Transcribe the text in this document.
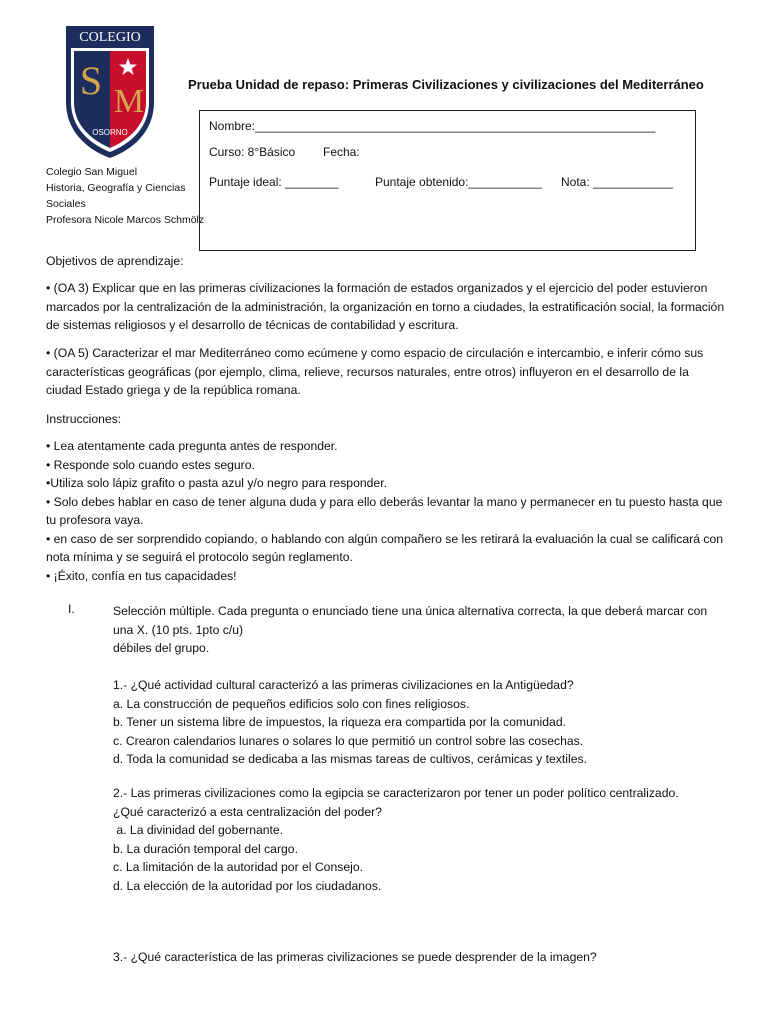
COLEGIO
S M
OSORNO
Colegio San Miguel
Historia, Geografía y Ciencias
Sociales
Profesora Nicole Marcos Schmölz
Prueba Unidad de repaso: Primeras Civilizaciones y civilizaciones del Mediterráneo
Nombre:____________________________________________________________
Curso: 8°Básico Fecha:
Puntaje ideal: ________	Puntaje obtenido:___________ Nota: ____________
Objetivos de aprendizaje:

• (OA 3) Explicar que en las primeras civilizaciones la formación de estados organizados y el ejercicio del poder estuvieron marcados por la centralización de la administración, la organización en torno a ciudades, la estratificación social, la formación de sistemas religiosos y el desarrollo de técnicas de contabilidad y escritura.

• (OA 5) Caracterizar el mar Mediterráneo como ecúmene y como espacio de circulación e intercambio, e inferir cómo sus características geográficas (por ejemplo, clima, relieve, recursos naturales, entre otros) influyeron en el desarrollo de la ciudad Estado griega y de la república romana.

Instrucciones:
• Lea atentamente cada pregunta antes de responder.
• Responde solo cuando estes seguro.
•Utiliza solo lápiz grafito o pasta azul y/o negro para responder.
• Solo debes hablar en caso de tener alguna duda y para ello deberás levantar la mano y permanecer en tu puesto hasta que tu profesora vaya.
• en caso de ser sorprendido copiando, o hablando con algún compañero se les retirará la evaluación la cual se calificará con nota mínima y se seguirá el protocolo según reglamento.
• ¡Éxito, confía en tus capacidades!
I.	Selección múltiple. Cada pregunta o enunciado tiene una única alternativa correcta, la que deberá marcar con una X. (10 pts. 1pto c/u)
débiles del grupo.
1.- ¿Qué actividad cultural caracterizó a las primeras civilizaciones en la Antigüedad?
a. La construcción de pequeños edificios solo con fines religiosos.
b. Tener un sistema libre de impuestos, la riqueza era compartida por la comunidad.
c. Crearon calendarios lunares o solares lo que permitió un control sobre las cosechas.
d. Toda la comunidad se dedicaba a las mismas tareas de cultivos, cerámicas y textiles.
2.- Las primeras civilizaciones como la egipcia se caracterizaron por tener un poder político centralizado.
¿Qué caracterizó a esta centralización del poder?
a. La divinidad del gobernante.
b. La duración temporal del cargo.
c. La limitación de la autoridad por el Consejo.
d. La elección de la autoridad por los ciudadanos.
3.- ¿Qué característica de las primeras civilizaciones se puede desprender de la imagen?
